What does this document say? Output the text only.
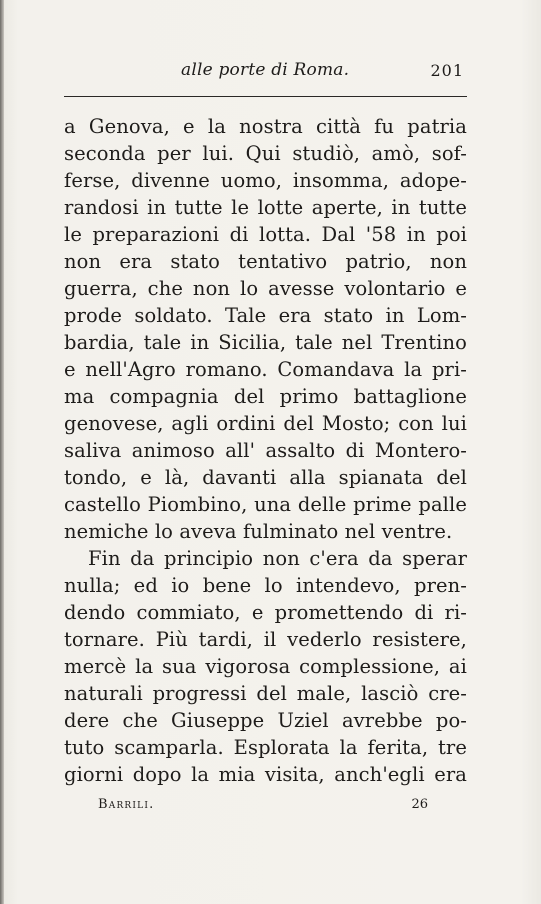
alle porte di Roma.	201
a Genova, e la nostra città fu patria
seconda per lui. Qui studiò, amò, sof-
ferse, divenne uomo, insomma, adope-
randosi in tutte le lotte aperte, in tutte
le preparazioni di lotta. Dal '58 in poi
non era stato tentativo patrio, non
guerra, che non lo avesse volontario e
prode soldato. Tale era stato in Lom-
bardia, tale in Sicilia, tale nel Trentino
e nell'Agro romano. Comandava la pri-
ma compagnia del primo battaglione
genovese, agli ordini del Mosto; con lui
saliva animoso all' assalto di Montero-
tondo, e là, davanti alla spianata del
castello Piombino, una delle prime palle
nemiche lo aveva fulminato nel ventre.
Fin da principio non c'era da sperar
nulla; ed io bene lo intendevo, pren-
dendo commiato, e promettendo di ri-
tornare. Più tardi, il vederlo resistere,
mercè la sua vigorosa complessione, ai
naturali progressi del male, lasciò cre-
dere che Giuseppe Uziel avrebbe po-
tuto scamparla. Esplorata la ferita, tre
giorni dopo la mia visita, anch'egli era
Barrili.	26
